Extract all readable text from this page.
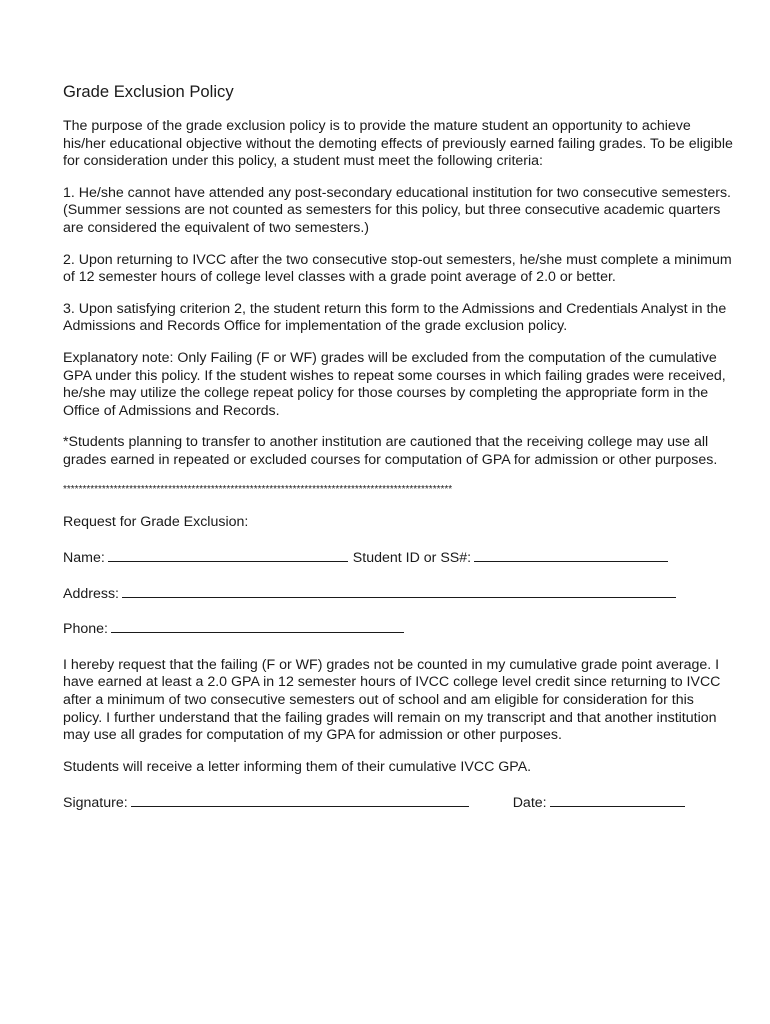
Grade Exclusion Policy

The purpose of the grade exclusion policy is to provide the mature student an opportunity to achieve his/her educational objective without the demoting effects of previously earned failing grades. To be eligible for consideration under this policy, a student must meet the following criteria:

1. He/she cannot have attended any post-secondary educational institution for two consecutive semesters. (Summer sessions are not counted as semesters for this policy, but three consecutive academic quarters are considered the equivalent of two semesters.)

2. Upon returning to IVCC after the two consecutive stop-out semesters, he/she must complete a minimum of 12 semester hours of college level classes with a grade point average of 2.0 or better.

3. Upon satisfying criterion 2, the student return this form to the Admissions and Credentials Analyst in the Admissions and Records Office for implementation of the grade exclusion policy.

Explanatory note: Only Failing (F or WF) grades will be excluded from the computation of the cumulative GPA under this policy. If the student wishes to repeat some courses in which failing grades were received, he/she may utilize the college repeat policy for those courses by completing the appropriate form in the Office of Admissions and Records.

*Students planning to transfer to another institution are cautioned that the receiving college may use all grades earned in repeated or excluded courses for computation of GPA for admission or other purposes.

****************************************************************************************************
Request for Grade Exclusion:
Name:	Student ID or SS#:
Address:
Phone:

I hereby request that the failing (F or WF) grades not be counted in my cumulative grade point average. I have earned at least a 2.0 GPA in 12 semester hours of IVCC college level credit since returning to IVCC after a minimum of two consecutive semesters out of school and am eligible for consideration for this policy. I further understand that the failing grades will remain on my transcript and that another institution may use all grades for computation of my GPA for admission or other purposes.

Students will receive a letter informing them of their cumulative IVCC GPA.

Signature:	Date:
